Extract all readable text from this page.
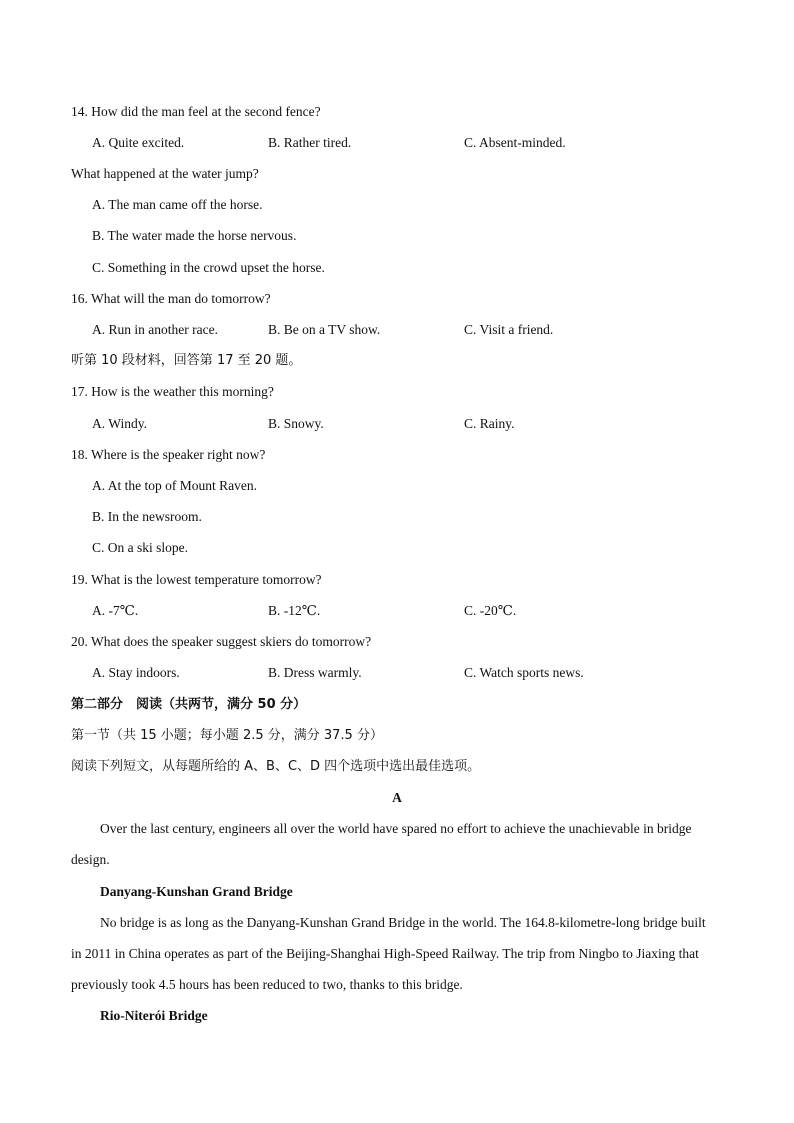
14. How did the man feel at the second fence?
A. Quite excited.	B. Rather tired.	C. Absent-minded.
What happened at the water jump?
A. The man came off the horse.
B. The water made the horse nervous.
C. Something in the crowd upset the horse.
16. What will the man do tomorrow?
A. Run in another race.	B. Be on a TV show.	C. Visit a friend.
听第 10 段材料，回答第 17 至 20 题。
17. How is the weather this morning?
A. Windy.	B. Snowy.	C. Rainy.
18. Where is the speaker right now?
A. At the top of Mount Raven.
B. In the newsroom.
C. On a ski slope.
19. What is the lowest temperature tomorrow?
A. -7℃.	B. -12℃.	C. -20℃.
20. What does the speaker suggest skiers do tomorrow?
A. Stay indoors.	B. Dress warmly.	C. Watch sports news.
第二部分　阅读（共两节，满分 50 分）
第一节（共 15 小题；每小题 2.5 分，满分 37.5 分）
阅读下列短文，从每题所给的 A、B、C、D 四个选项中选出最佳选项。
A
Over the last century, engineers all over the world have spared no effort to achieve the unachievable in bridge
design.
Danyang-Kunshan Grand Bridge
No bridge is as long as the Danyang-Kunshan Grand Bridge in the world. The 164.8-kilometre-long bridge built
in 2011 in China operates as part of the Beijing-Shanghai High-Speed Railway. The trip from Ningbo to Jiaxing that
previously took 4.5 hours has been reduced to two, thanks to this bridge.
Rio-Niterói Bridge
